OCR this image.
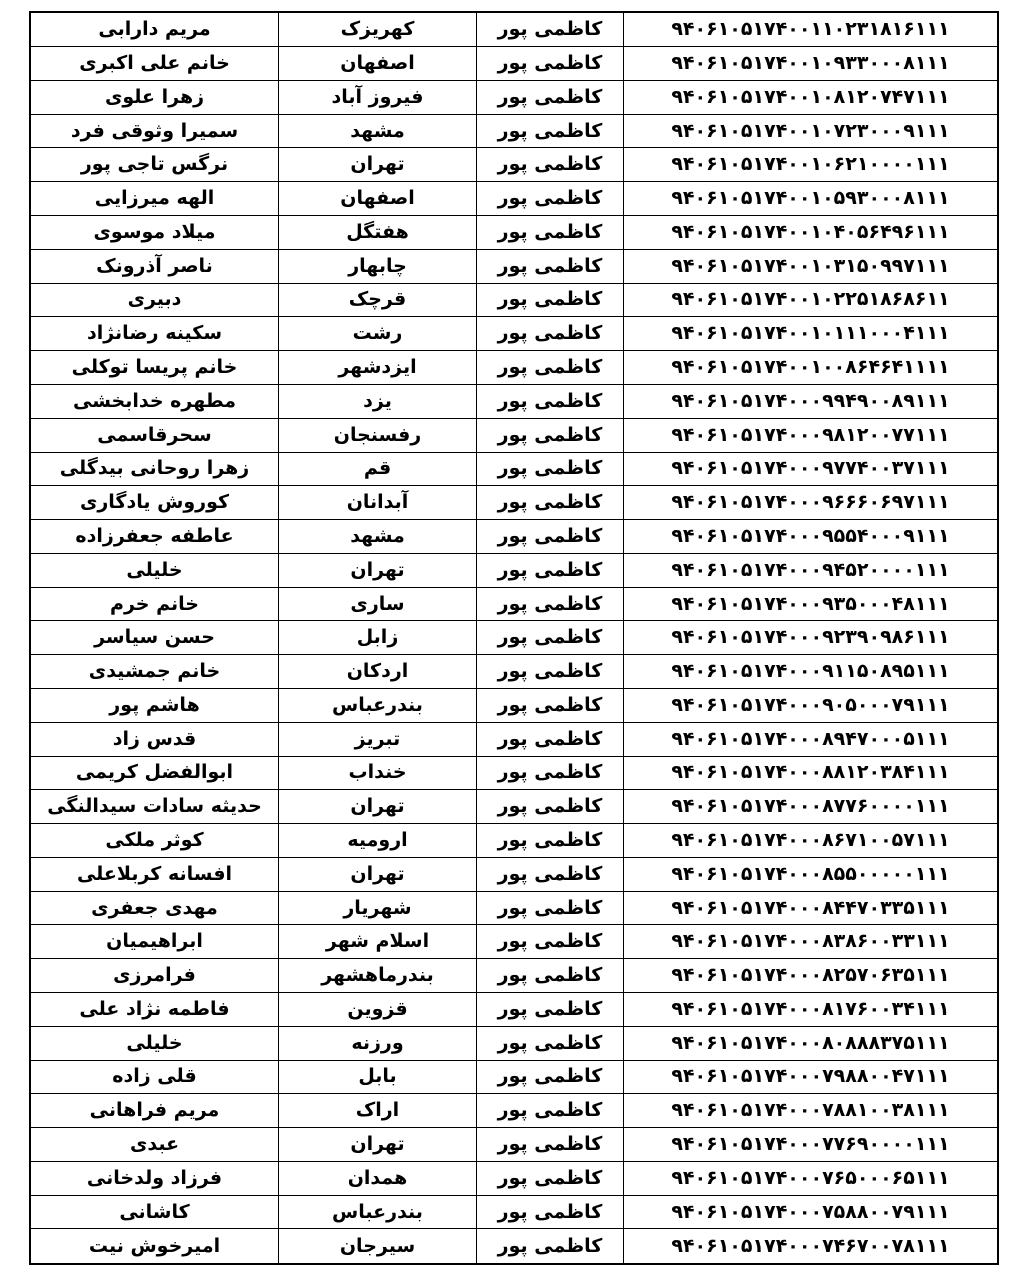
مریم دارابی	کهریزک	کاظمی پور	۹۴۰۶۱۰۵۱۷۴۰۰۱۱۰۲۳۱۸۱۶۱۱۱
خانم علی اکبری	اصفهان	کاظمی پور	۹۴۰۶۱۰۵۱۷۴۰۰۱۰۹۳۳۰۰۰۸۱۱۱
زهرا علوی	فیروز آباد	کاظمی پور	۹۴۰۶۱۰۵۱۷۴۰۰۱۰۸۱۲۰۷۴۷۱۱۱
سمیرا وثوقی فرد	مشهد	کاظمی پور	۹۴۰۶۱۰۵۱۷۴۰۰۱۰۷۲۳۰۰۰۹۱۱۱
نرگس تاجی پور	تهران	کاظمی پور	۹۴۰۶۱۰۵۱۷۴۰۰۱۰۶۲۱۰۰۰۰۱۱۱
الهه میرزایی	اصفهان	کاظمی پور	۹۴۰۶۱۰۵۱۷۴۰۰۱۰۵۹۳۰۰۰۸۱۱۱
میلاد موسوی	هفتگل	کاظمی پور	۹۴۰۶۱۰۵۱۷۴۰۰۱۰۴۰۵۶۴۹۶۱۱۱
ناصر آذرونک	چابهار	کاظمی پور	۹۴۰۶۱۰۵۱۷۴۰۰۱۰۳۱۵۰۹۹۷۱۱۱
دبیری	قرچک	کاظمی پور	۹۴۰۶۱۰۵۱۷۴۰۰۱۰۲۲۵۱۸۶۸۶۱۱
سکینه رضانژاد	رشت	کاظمی پور	۹۴۰۶۱۰۵۱۷۴۰۰۱۰۱۱۱۰۰۰۴۱۱۱
خانم پریسا توکلی	ایزدشهر	کاظمی پور	۹۴۰۶۱۰۵۱۷۴۰۰۱۰۰۸۶۴۶۴۱۱۱۱
مطهره خدابخشی	یزد	کاظمی پور	۹۴۰۶۱۰۵۱۷۴۰۰۰۹۹۴۹۰۰۸۹۱۱۱
سحرقاسمی	رفسنجان	کاظمی پور	۹۴۰۶۱۰۵۱۷۴۰۰۰۹۸۱۲۰۰۷۷۱۱۱
زهرا روحانی بیدگلی	قم	کاظمی پور	۹۴۰۶۱۰۵۱۷۴۰۰۰۹۷۷۴۰۰۳۷۱۱۱
کوروش یادگاری	آبدانان	کاظمی پور	۹۴۰۶۱۰۵۱۷۴۰۰۰۹۶۶۶۰۶۹۷۱۱۱
عاطفه جعفرزاده	مشهد	کاظمی پور	۹۴۰۶۱۰۵۱۷۴۰۰۰۹۵۵۴۰۰۰۹۱۱۱
خلیلی	تهران	کاظمی پور	۹۴۰۶۱۰۵۱۷۴۰۰۰۹۴۵۲۰۰۰۰۱۱۱
خانم خرم	ساری	کاظمی پور	۹۴۰۶۱۰۵۱۷۴۰۰۰۹۳۵۰۰۰۴۸۱۱۱
حسن سیاسر	زابل	کاظمی پور	۹۴۰۶۱۰۵۱۷۴۰۰۰۹۲۳۹۰۹۸۶۱۱۱
خانم جمشیدی	اردکان	کاظمی پور	۹۴۰۶۱۰۵۱۷۴۰۰۰۹۱۱۵۰۸۹۵۱۱۱
هاشم پور	بندرعباس	کاظمی پور	۹۴۰۶۱۰۵۱۷۴۰۰۰۹۰۵۰۰۰۷۹۱۱۱
قدس زاد	تبریز	کاظمی پور	۹۴۰۶۱۰۵۱۷۴۰۰۰۸۹۴۷۰۰۰۵۱۱۱
ابوالفضل کریمی	خنداب	کاظمی پور	۹۴۰۶۱۰۵۱۷۴۰۰۰۸۸۱۲۰۳۸۴۱۱۱
حدیثه سادات سیدالنگی	تهران	کاظمی پور	۹۴۰۶۱۰۵۱۷۴۰۰۰۸۷۷۶۰۰۰۰۱۱۱
کوثر ملکی	ارومیه	کاظمی پور	۹۴۰۶۱۰۵۱۷۴۰۰۰۸۶۷۱۰۰۵۷۱۱۱
افسانه کربلاعلی	تهران	کاظمی پور	۹۴۰۶۱۰۵۱۷۴۰۰۰۸۵۵۰۰۰۰۰۱۱۱
مهدی جعفری	شهریار	کاظمی پور	۹۴۰۶۱۰۵۱۷۴۰۰۰۸۴۴۷۰۳۳۵۱۱۱
ابراهیمیان	اسلام شهر	کاظمی پور	۹۴۰۶۱۰۵۱۷۴۰۰۰۸۳۸۶۰۰۳۳۱۱۱
فرامرزی	بندرماهشهر	کاظمی پور	۹۴۰۶۱۰۵۱۷۴۰۰۰۸۲۵۷۰۶۳۵۱۱۱
فاطمه نژاد علی	قزوین	کاظمی پور	۹۴۰۶۱۰۵۱۷۴۰۰۰۸۱۷۶۰۰۳۴۱۱۱
خلیلی	ورزنه	کاظمی پور	۹۴۰۶۱۰۵۱۷۴۰۰۰۸۰۸۸۸۳۷۵۱۱۱
قلی زاده	بابل	کاظمی پور	۹۴۰۶۱۰۵۱۷۴۰۰۰۷۹۸۸۰۰۴۷۱۱۱
مریم فراهانی	اراک	کاظمی پور	۹۴۰۶۱۰۵۱۷۴۰۰۰۷۸۸۱۰۰۳۸۱۱۱
عبدی	تهران	کاظمی پور	۹۴۰۶۱۰۵۱۷۴۰۰۰۷۷۶۹۰۰۰۰۱۱۱
فرزاد ولدخانی	همدان	کاظمی پور	۹۴۰۶۱۰۵۱۷۴۰۰۰۷۶۵۰۰۰۶۵۱۱۱
کاشانی	بندرعباس	کاظمی پور	۹۴۰۶۱۰۵۱۷۴۰۰۰۷۵۸۸۰۰۷۹۱۱۱
امیرخوش نیت	سیرجان	کاظمی پور	۹۴۰۶۱۰۵۱۷۴۰۰۰۷۴۶۷۰۰۷۸۱۱۱
